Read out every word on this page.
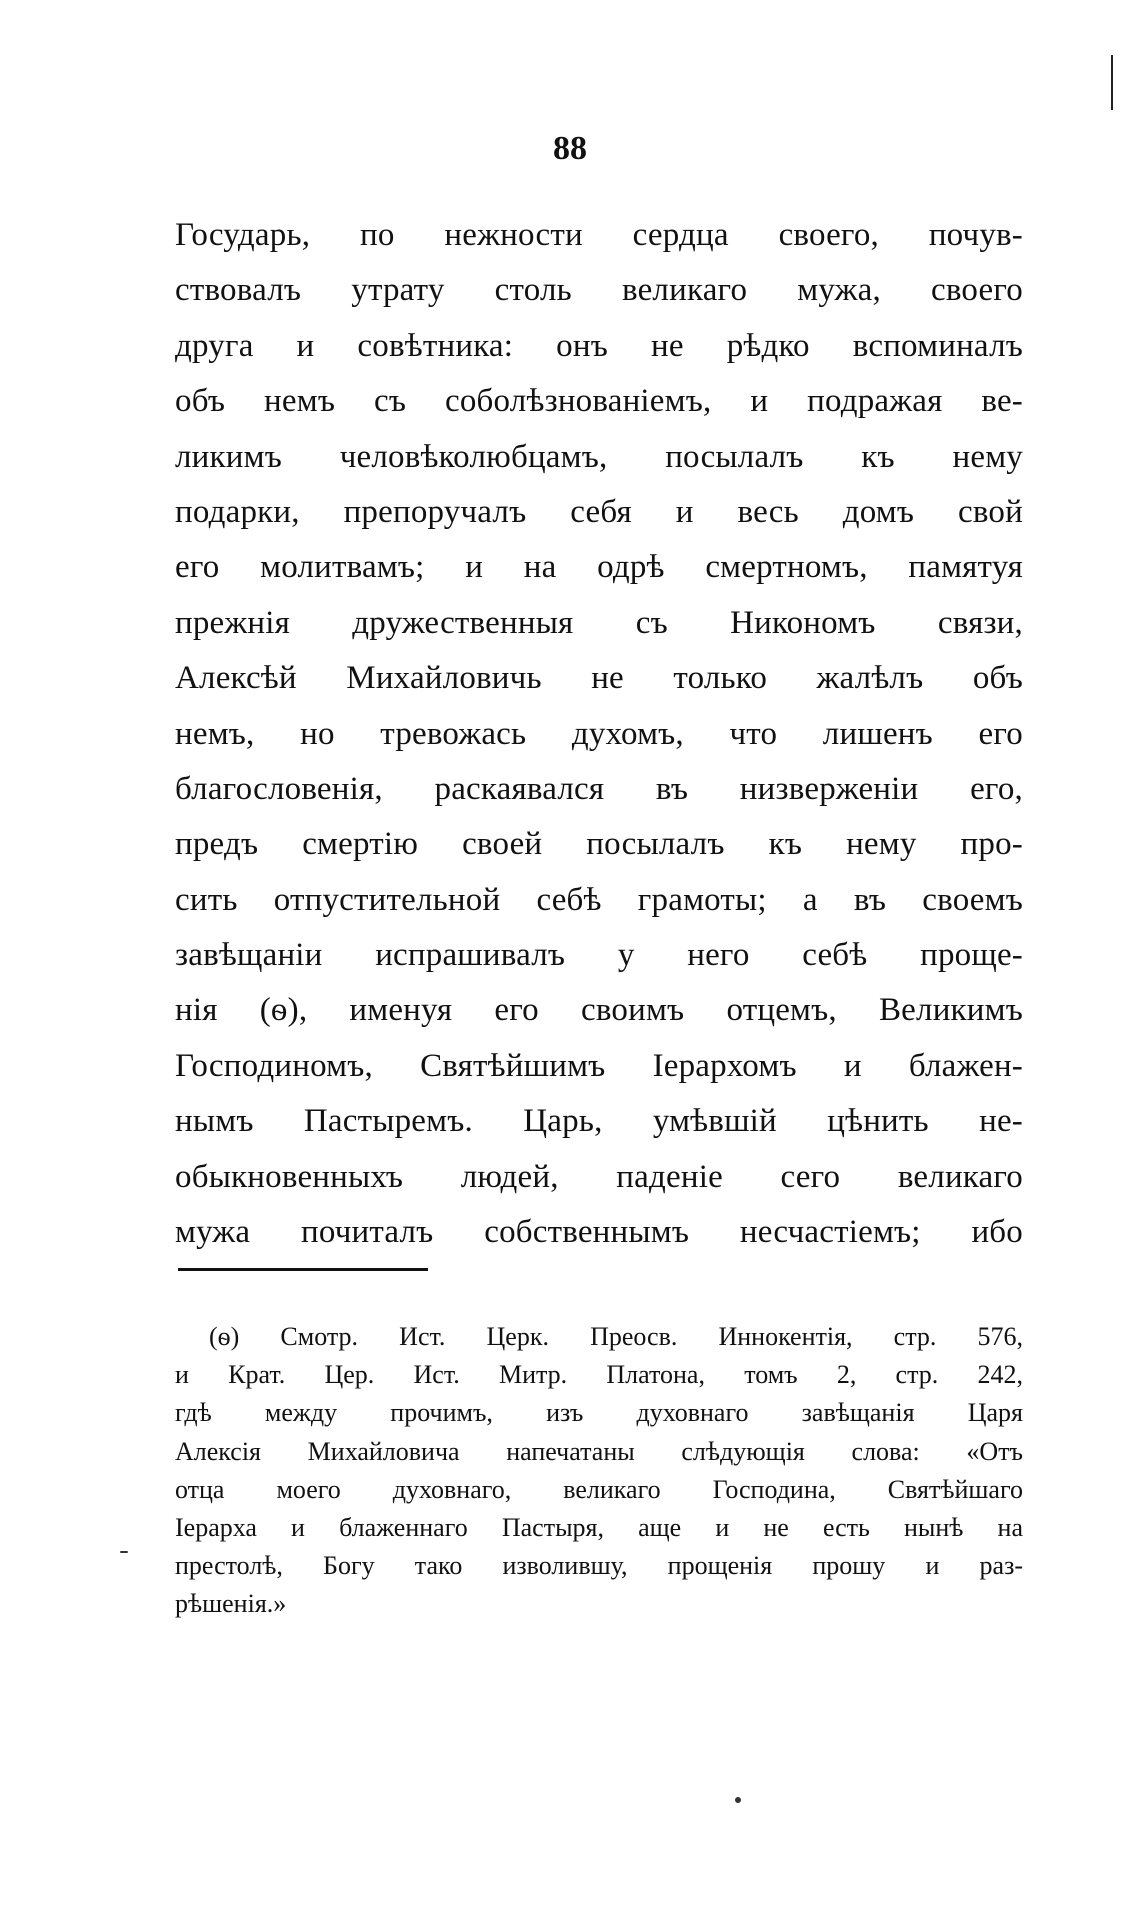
88
Государь, по нежности сердца своего, почув-
ствовалъ утрату столь великаго мужа, своего
друга и совѣтника: онъ не рѣдко вспоминалъ
объ немъ съ соболѣзнованіемъ, и подражая ве-
ликимъ человѣколюбцамъ, посылалъ къ нему
подарки, препоручалъ себя и весь домъ свой
его молитвамъ; и на одрѣ смертномъ, памятуя
прежнія дружественныя съ Никономъ связи,
Алексѣй Михайловичь не только жалѣлъ объ
немъ, но тревожась духомъ, что лишенъ его
благословенія, раскаявался въ низверженіи его,
предъ смертію своей посылалъ къ нему про-
сить отпустительной себѣ грамоты; а въ своемъ
завѣщаніи испрашивалъ у него себѣ проще-
нія (ѳ), именуя его своимъ отцемъ, Великимъ
Господиномъ, Святѣйшимъ Іерархомъ и блажен-
нымъ Пастыремъ. Царь, умѣвшій цѣнить не-
обыкновенныхъ людей, паденіе сего великаго
мужа почиталъ собственнымъ несчастіемъ; ибо
(ѳ) Смотр. Ист. Церк. Преосв. Иннокентія, стр. 576,
и Крат. Цер. Ист. Митр. Платона, томъ 2, стр. 242,
гдѣ между прочимъ, изъ духовнаго завѣщанія Царя
Алексія Михайловича напечатаны слѣдующія слова: «Отъ
отца моего духовнаго, великаго Господина, Святѣйшаго
Іерарха и блаженнаго Пастыря, аще и не есть нынѣ на
престолѣ, Богу тако изволившу, прощенія прошу и раз-
рѣшенія.»
